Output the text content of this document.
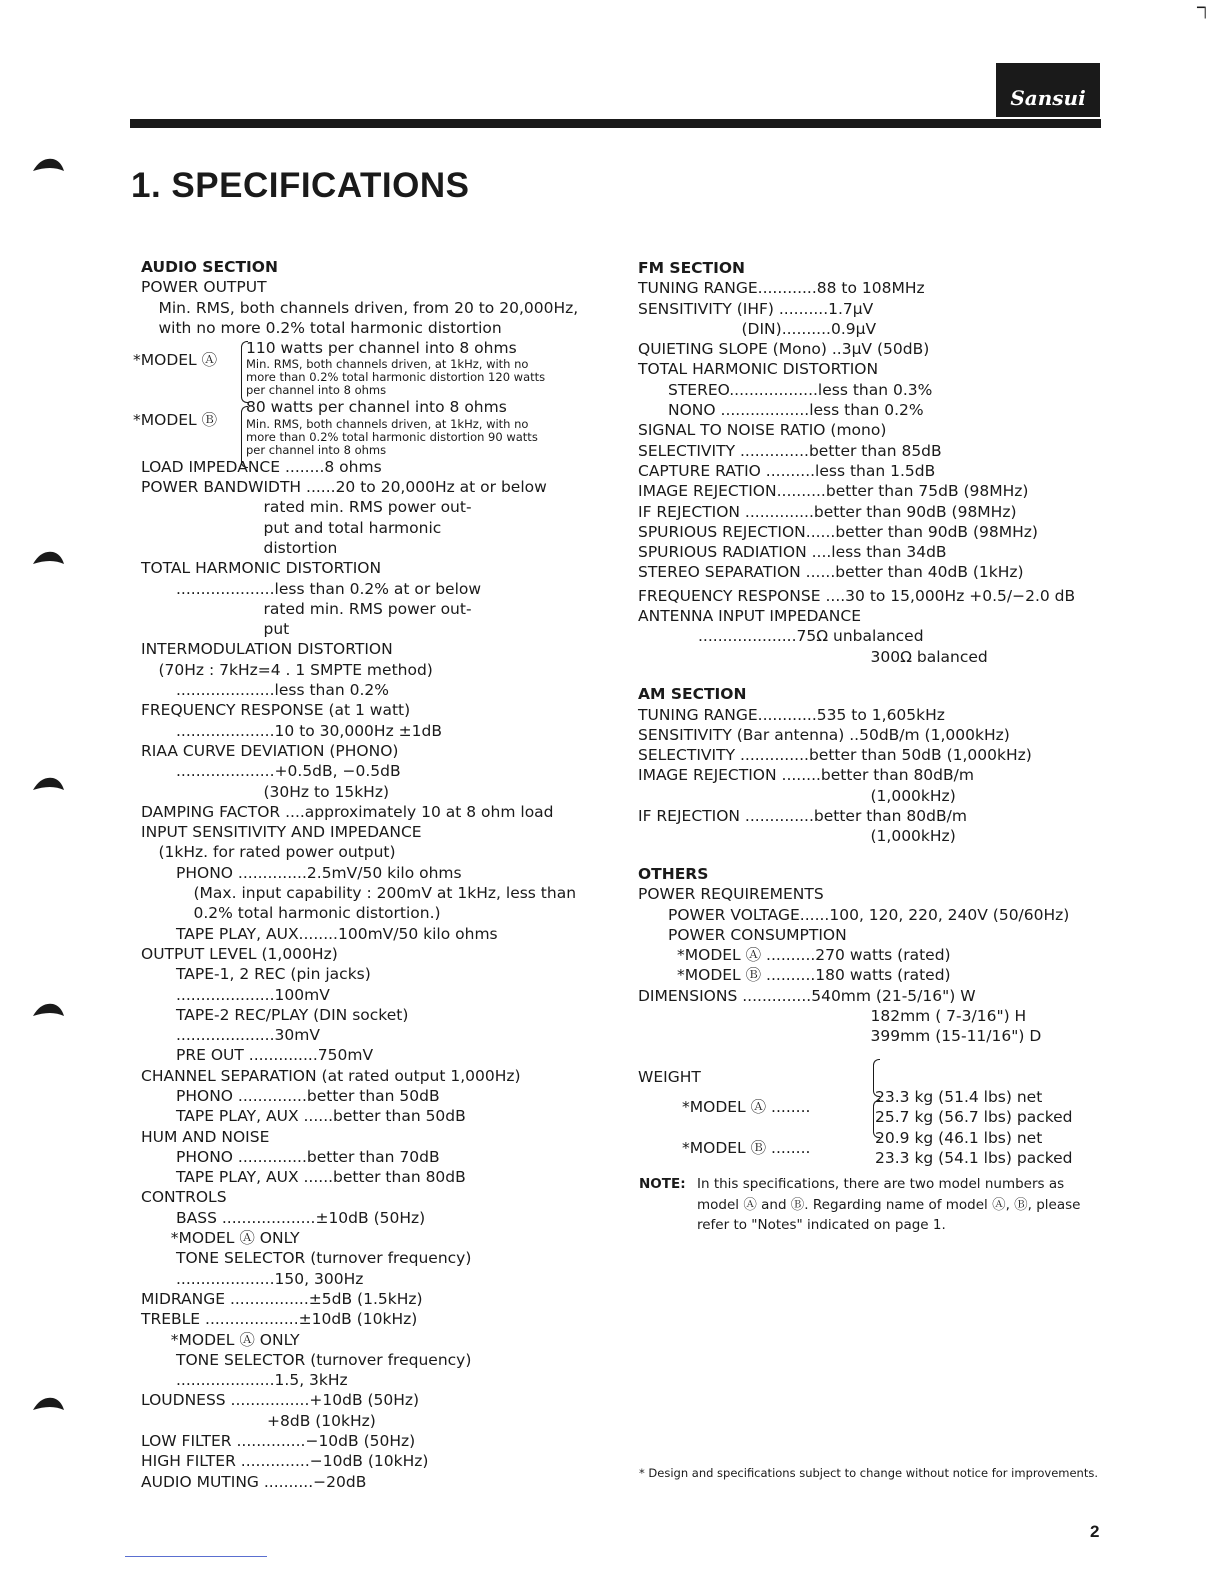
▔▏
Sansui
1. SPECIFICATIONS
AUDIO SECTION
POWER OUTPUT
Min. RMS, both channels driven, from 20 to 20,000Hz,
with no more 0.2% total harmonic distortion
110 watts per channel into 8 ohms
Min. RMS, both channels driven, at 1kHz, with no
*MODEL Ⓐ
more than 0.2% total harmonic distortion 120 watts
per channel into 8 ohms
80 watts per channel into 8 ohms
Min. RMS, both channels driven, at 1kHz, with no
*MODEL Ⓑ
more than 0.2% total harmonic distortion 90 watts
per channel into 8 ohms
LOAD IMPEDANCE ........8 ohms
POWER BANDWIDTH ......20 to 20,000Hz at or below
rated min. RMS power out-
put and total harmonic
distortion
TOTAL HARMONIC DISTORTION
....................less than 0.2% at or below
rated min. RMS power out-
put
INTERMODULATION DISTORTION
(70Hz : 7kHz=4 . 1 SMPTE method)
....................less than 0.2%
FREQUENCY RESPONSE (at 1 watt)
....................10 to 30,000Hz ±1dB
RIAA CURVE DEVIATION (PHONO)
....................+0.5dB, −0.5dB
(30Hz to 15kHz)
DAMPING FACTOR ....approximately 10 at 8 ohm load
INPUT SENSITIVITY AND IMPEDANCE
(1kHz. for rated power output)
PHONO ..............2.5mV/50 kilo ohms
(Max. input capability : 200mV at 1kHz, less than
0.2% total harmonic distortion.)
TAPE PLAY, AUX........100mV/50 kilo ohms
OUTPUT LEVEL (1,000Hz)
TAPE-1, 2 REC (pin jacks)
....................100mV
TAPE-2 REC/PLAY (DIN socket)
....................30mV
PRE OUT ..............750mV
CHANNEL SEPARATION (at rated output 1,000Hz)
PHONO ..............better than 50dB
TAPE PLAY, AUX ......better than 50dB
HUM AND NOISE
PHONO ..............better than 70dB
TAPE PLAY, AUX ......better than 80dB
CONTROLS
BASS ...................±10dB (50Hz)
*MODEL Ⓐ ONLY
TONE SELECTOR (turnover frequency)
....................150, 300Hz
MIDRANGE ................±5dB (1.5kHz)
TREBLE ...................±10dB (10kHz)
*MODEL Ⓐ ONLY
TONE SELECTOR (turnover frequency)
....................1.5, 3kHz
LOUDNESS ................+10dB (50Hz)
+8dB (10kHz)
LOW FILTER ..............−10dB (50Hz)
HIGH FILTER ..............−10dB (10kHz)
AUDIO MUTING ..........−20dB
FM SECTION
TUNING RANGE............88 to 108MHz
SENSITIVITY (IHF) ..........1.7μV
(DIN)..........0.9μV
QUIETING SLOPE (Mono) ..3μV (50dB)
TOTAL HARMONIC DISTORTION
STEREO..................less than 0.3%
NONO ..................less than 0.2%
SIGNAL TO NOISE RATIO (mono)
SELECTIVITY ..............better than 85dB
CAPTURE RATIO ..........less than 1.5dB
IMAGE REJECTION..........better than 75dB (98MHz)
IF REJECTION ..............better than 90dB (98MHz)
SPURIOUS REJECTION......better than 90dB (98MHz)
SPURIOUS RADIATION ....less than 34dB
STEREO SEPARATION ......better than 40dB (1kHz)
FREQUENCY RESPONSE ....30 to 15,000Hz +0.5/−2.0 dB
ANTENNA INPUT IMPEDANCE
....................75Ω unbalanced
300Ω balanced
AM SECTION
TUNING RANGE............535 to 1,605kHz
SENSITIVITY (Bar antenna) ..50dB/m (1,000kHz)
SELECTIVITY ..............better than 50dB (1,000kHz)
IMAGE REJECTION ........better than 80dB/m
(1,000kHz)
IF REJECTION ..............better than 80dB/m
(1,000kHz)
OTHERS
POWER REQUIREMENTS
POWER VOLTAGE......100, 120, 220, 240V (50/60Hz)
POWER CONSUMPTION
*MODEL Ⓐ ..........270 watts (rated)
*MODEL Ⓑ ..........180 watts (rated)
DIMENSIONS ..............540mm (21-5/16") W
182mm ( 7-3/16") H
399mm (15-11/16") D
WEIGHT
23.3 kg (51.4 lbs) net
25.7 kg (56.7 lbs) packed
*MODEL Ⓐ ........
20.9 kg (46.1 lbs) net
23.3 kg (54.1 lbs) packed
*MODEL Ⓑ ........
NOTE: In this specifications, there are two model numbers as model Ⓐ and Ⓑ. Regarding name of model Ⓐ, Ⓑ, please refer to "Notes" indicated on page 1.
* Design and specifications subject to change without notice for improvements.
2
